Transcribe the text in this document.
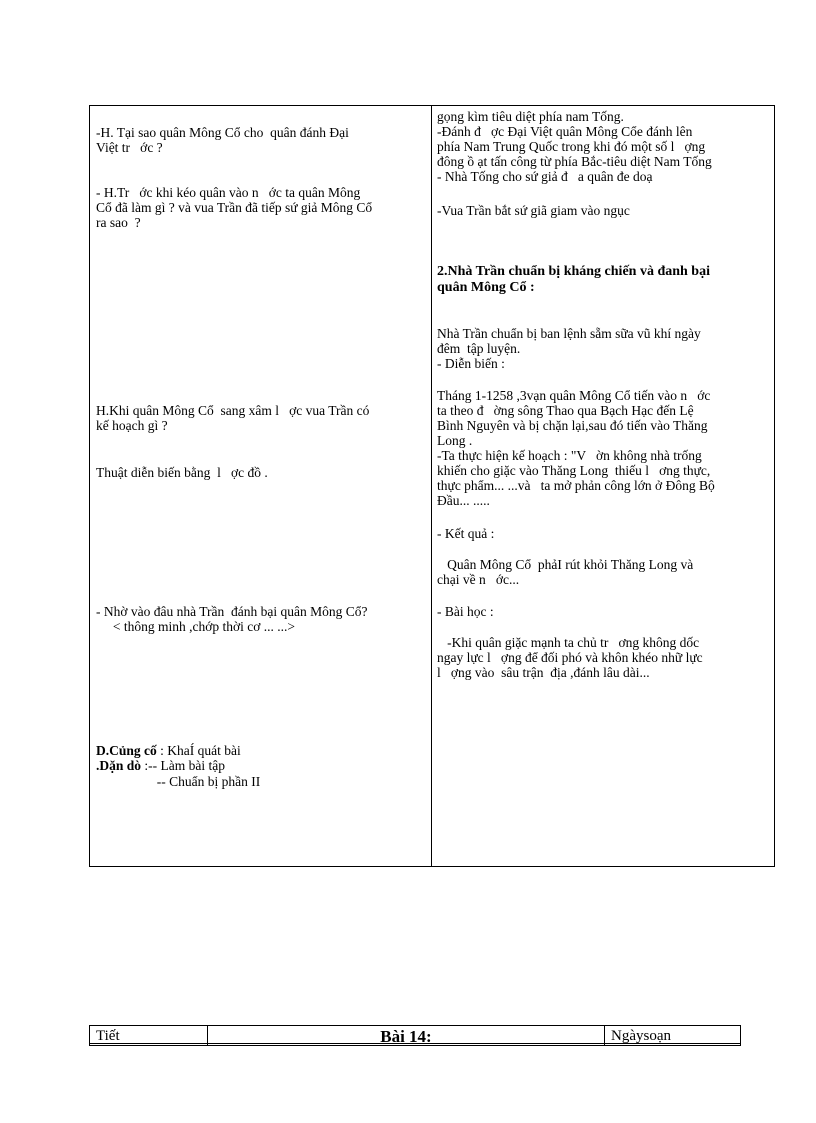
-H. Tại sao quân Mông Cổ cho  quân đánh Đại
Việt tr   ớc ?
- H.Tr   ớc khi kéo quân vào n   ớc ta quân Mông
Cổ đã làm gì ? và vua Trần đã tiếp sứ giả Mông Cổ
ra sao  ?
H.Khi quân Mông Cổ  sang xâm l   ợc vua Trần có
kế hoạch gì ?
Thuật diễn biến bằng  l   ợc đồ .
- Nhờ vào đâu nhà Trần  đánh bại quân Mông Cổ?
< thông minh ,chớp thời cơ ... ...>
D.Củng cố : KhaÍ quát bài
.Dặn dò :-- Làm bài tập
-- Chuẩn bị phần II
gọng kìm tiêu diệt phía nam Tống.
-Đánh đ   ợc Đại Việt quân Mông Cổe đánh lên
phía Nam Trung Quốc trong khi đó một số l   ợng
đông ồ ạt tấn công từ phía Bắc-tiêu diệt Nam Tống
- Nhà Tống cho sứ giả đ   a quân đe doạ
-Vua Trần bắt sứ giã giam vào ngục
2.Nhà Trần chuẩn bị kháng chiến và đanh bại
quân Mông Cổ :
Nhà Trần chuẩn bị ban lệnh sẵm sữa vũ khí ngày
đêm  tập luyện.
- Diễn biến :
Tháng 1-1258 ,3vạn quân Mông Cổ tiến vào n   ớc
ta theo đ   ờng sông Thao qua Bạch Hạc đến Lệ
Bình Nguyên và bị chặn lại,sau đó tiến vào Thăng
Long .
-Ta thực hiện kế hoạch : "V   ờn không nhà trống
khiến cho giặc vào Thăng Long  thiếu l   ơng thực,
thực phẩm... ...và   ta mở phản công lớn ở Đông Bộ
Đầu... .....
- Kết quả :
Quân Mông Cổ  phảI rút khỏi Thăng Long và
chại về n   ớc...
- Bài học :
-Khi quân giặc mạnh ta chủ tr   ơng không dốc
ngay lực l   ợng để đối phó và khôn khéo nhữ lực
l   ợng vào  sâu trận  địa ,đánh lâu dài...
Tiết	Bài 14:	Ngàysoạn
